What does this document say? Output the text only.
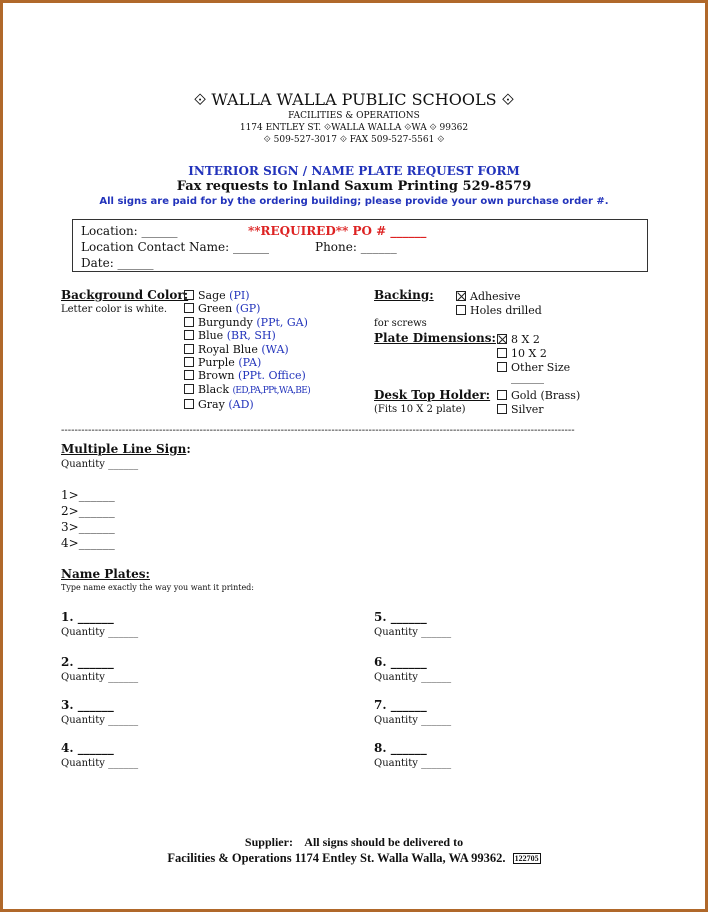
⟐ WALLA WALLA PUBLIC SCHOOLS ⟐
FACILITIES & OPERATIONS
1174 ENTLEY ST. ⟐WALLA WALLA ⟐WA ⟐ 99362
⟐ 509-527-3017 ⟐ FAX 509-527-5561 ⟐
INTERIOR SIGN / NAME PLATE REQUEST FORM
Fax requests to Inland Saxum Printing 529-8579
All signs are paid for by the ordering building; please provide your own purchase order #.
Location: ______	**REQUIRED** PO # ______
Location Contact Name: ______	Phone: ______
Date: ______
Background Color:
Letter color is white.
Sage (PI)
Green (GP)
Burgundy (PPt, GA)
Blue (BR, SH)
Royal Blue (WA)
Purple (PA)
Brown (PPt. Office)
Black (ED,PA,PPt,WA,BE)
Gray (AD)
Backing:	Adhesive
Holes drilled
for screws
Plate Dimensions:	8 X 2
10 X 2
Other Size
______
Desk Top Holder:
(Fits 10 X 2 plate)
Gold (Brass)
Silver
--------------------------------------------------------------------------------------------------------------------------------------------------------
Multiple Line Sign:
Quantity ______
1>______
2>______
3>______
4>______
Name Plates:
Type name exactly the way you want it printed:
1. ______
Quantity ______
2. ______
Quantity ______
3. ______
Quantity ______
4. ______
Quantity ______
5. ______
Quantity ______
6. ______
Quantity ______
7. ______
Quantity ______
8. ______
Quantity ______
Supplier:    All signs should be delivered to
Facilities & Operations 1174 Entley St. Walla Walla, WA 99362. 122705
